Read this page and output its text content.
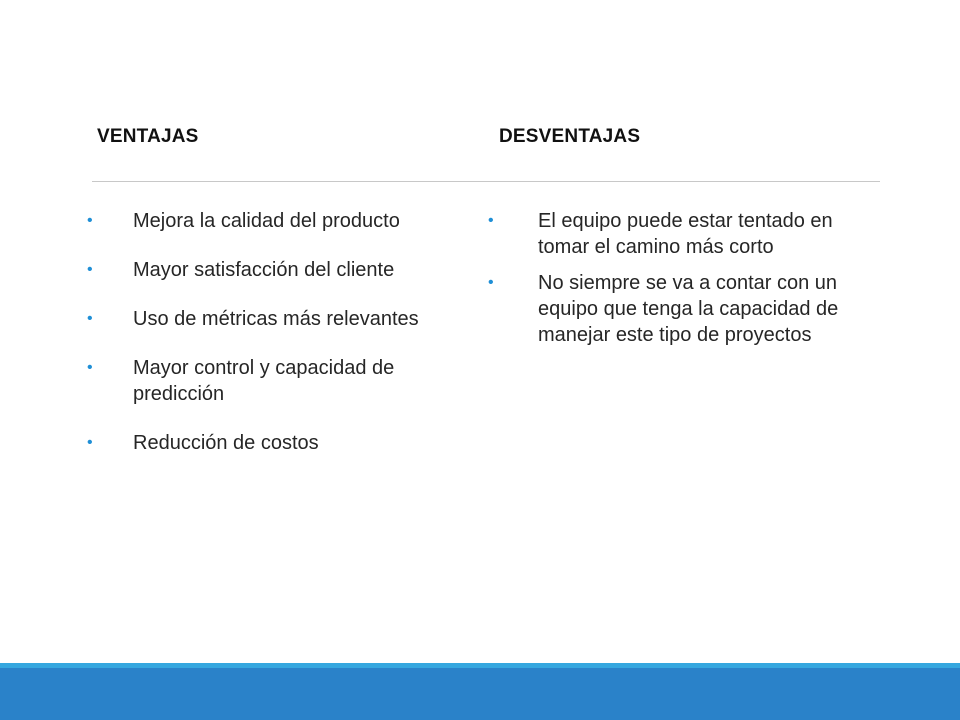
VENTAJAS	DESVENTAJAS
• Mejora la calidad del producto
• Mayor satisfacción del cliente
• Uso de métricas más relevantes
• Mayor control y capacidad de predicción
• Reducción de costos
• El equipo puede estar tentado en tomar el camino más corto
• No siempre se va a contar con un equipo que tenga la capacidad de manejar este tipo de proyectos
